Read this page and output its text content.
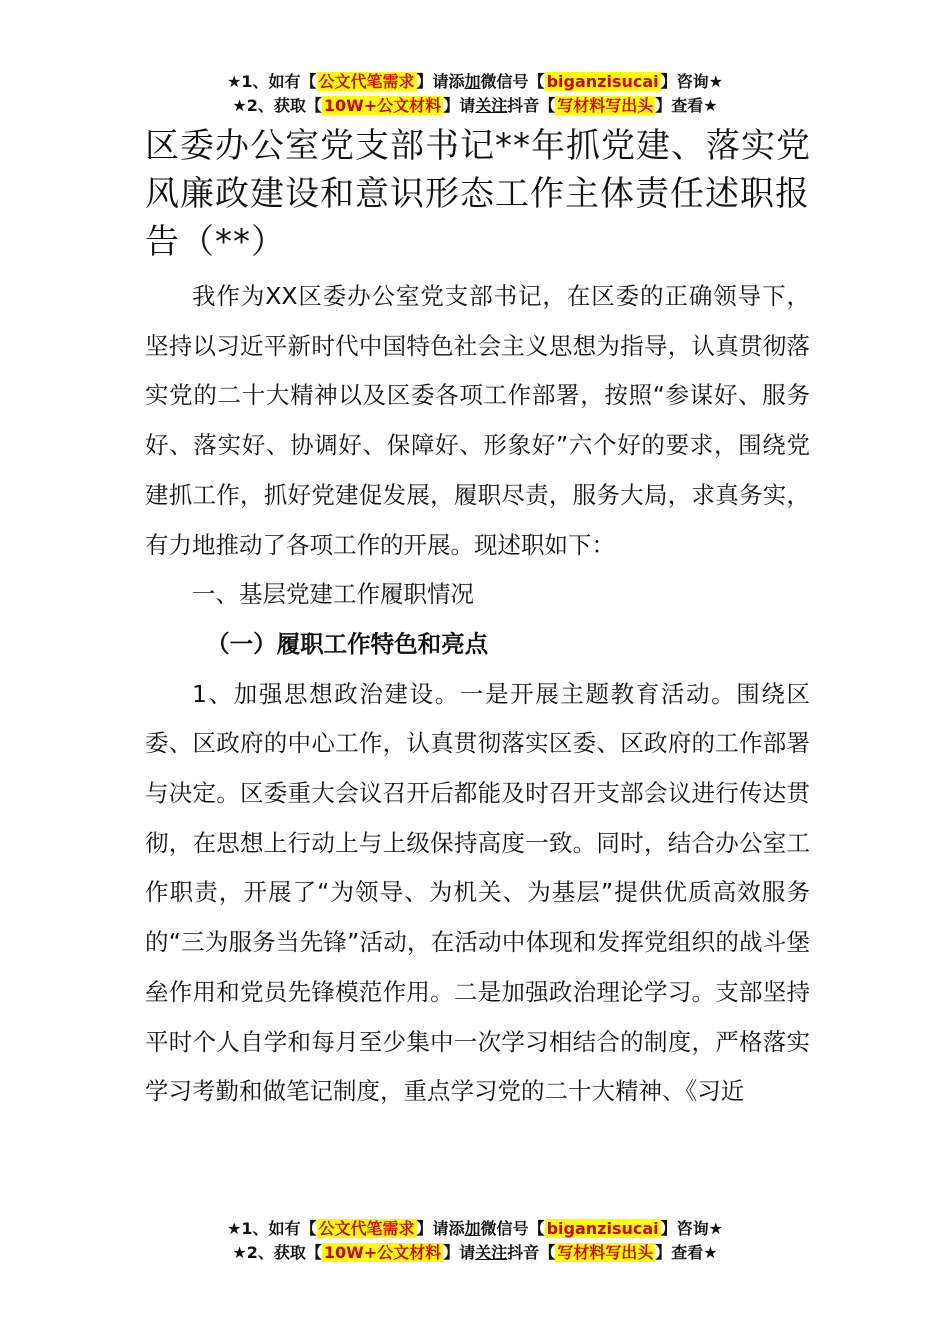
★1、如有【 公文代笔需求 】请添加微信号【 biganzisucai 】咨询★
★2、获取【 10W+公文材料 】请关注抖音【 写材料写出头 】查看★
区委办公室党支部书记**年抓党建、落实党风廉政建设和意识形态工作主体责任述职报告（**）

我作为XX区委办公室党支部书记，在区委的正确领导下，坚持以习近平新时代中国特色社会主义思想为指导，认真贯彻落实党的二十大精神以及区委各项工作部署，按照“参谋好、服务好、落实好、协调好、保障好、形象好”六个好的要求，围绕党建抓工作，抓好党建促发展，履职尽责，服务大局，求真务实，有力地推动了各项工作的开展。现述职如下：

一、基层党建工作履职情况

（一）履职工作特色和亮点

1、加强思想政治建设。一是开展主题教育活动。围绕区委、区政府的中心工作，认真贯彻落实区委、区政府的工作部署与决定。区委重大会议召开后都能及时召开支部会议进行传达贯彻，在思想上行动上与上级保持高度一致。同时，结合办公室工作职责，开展了“为领导、为机关、为基层”提供优质高效服务的“三为服务当先锋”活动，在活动中体现和发挥党组织的战斗堡垒作用和党员先锋模范作用。二是加强政治理论学习。支部坚持平时个人自学和每月至少集中一次学习相结合的制度，严格落实学习考勤和做笔记制度，重点学习党的二十大精神、《习近

★1、如有【 公文代笔需求 】请添加微信号【 biganzisucai 】咨询★
★2、获取【 10W+公文材料 】请关注抖音【 写材料写出头 】查看★
